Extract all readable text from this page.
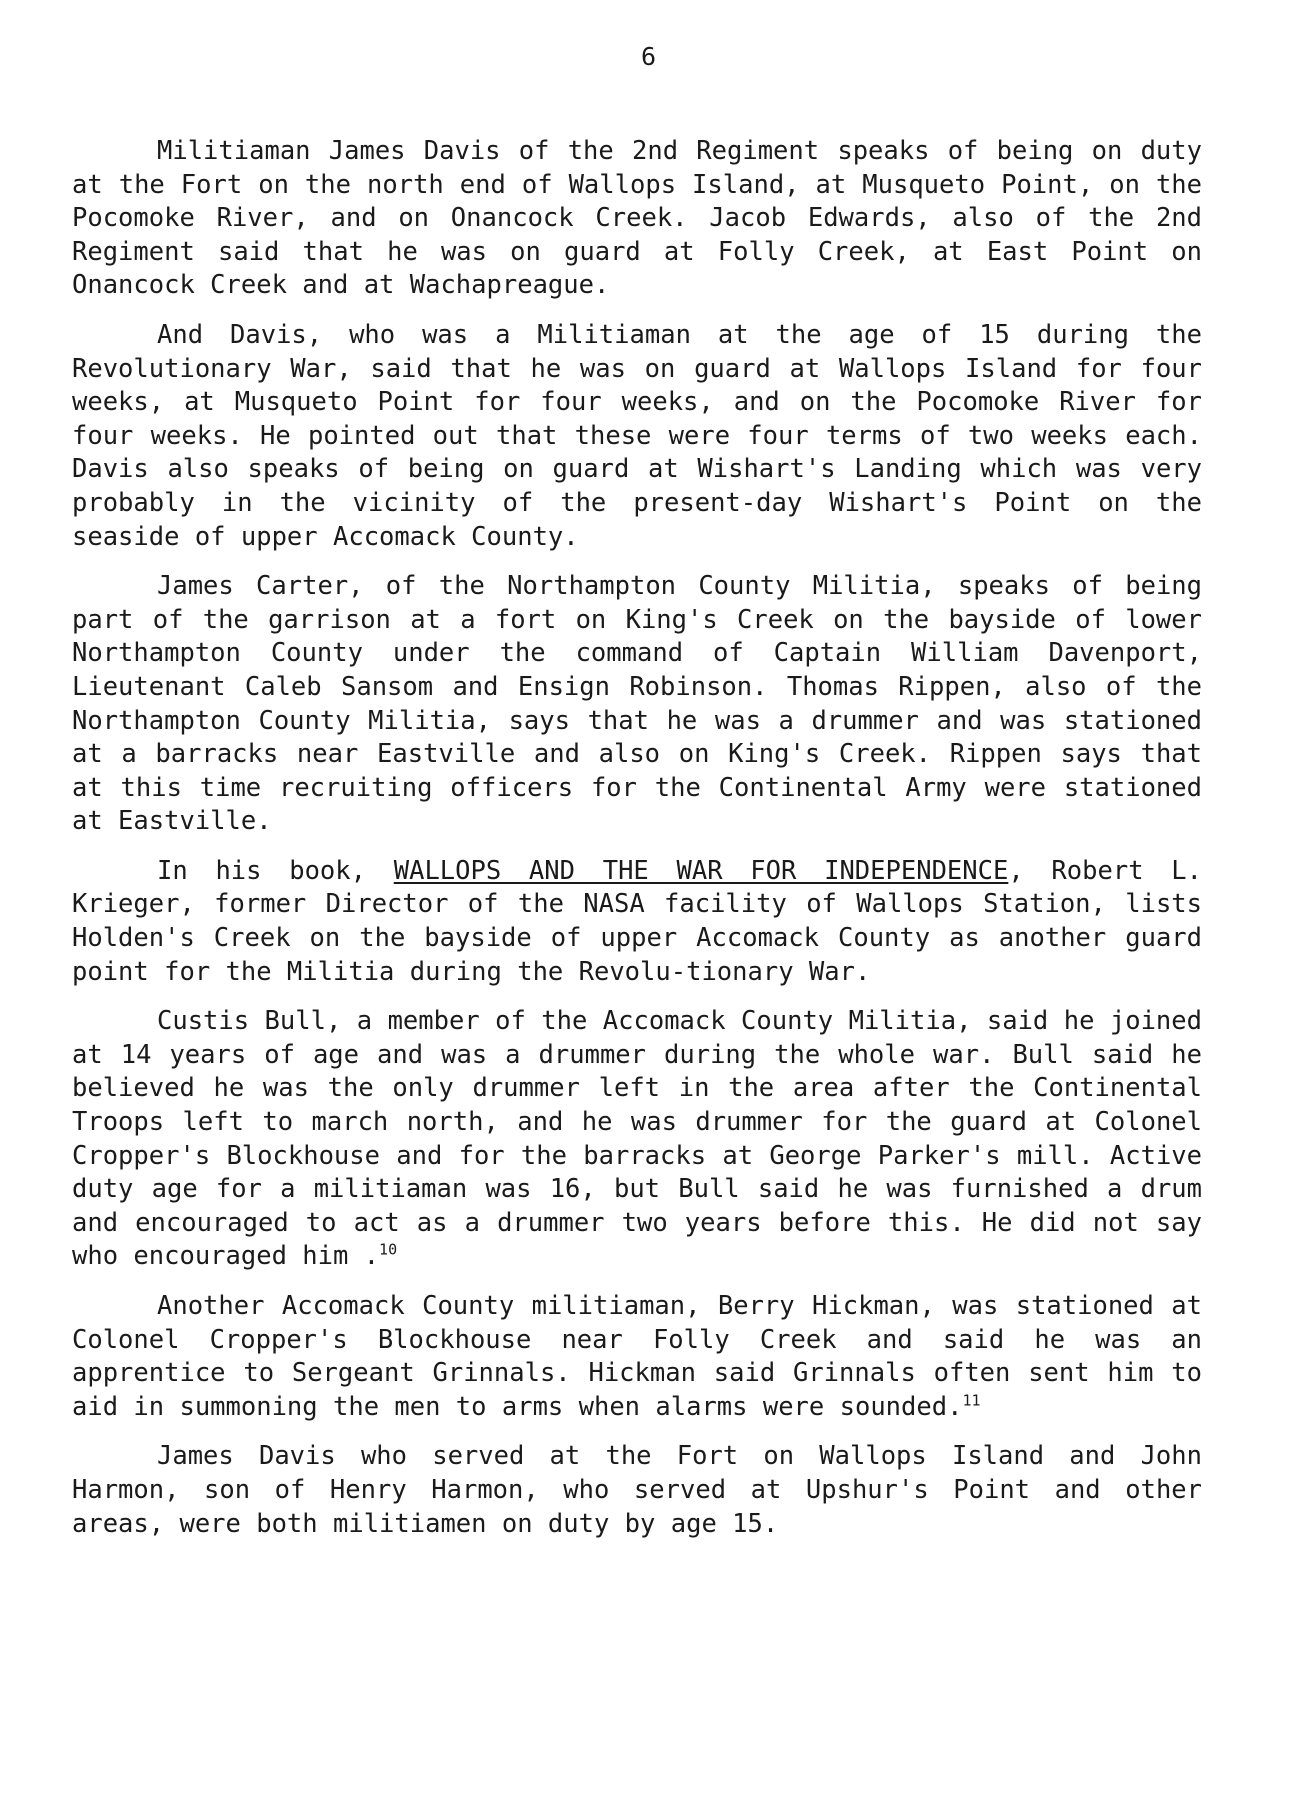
6

Militiaman James Davis of the 2nd Regiment speaks of being on duty at the Fort on the north end of Wallops Island, at Musqueto Point, on the Pocomoke River, and on Onancock Creek. Jacob Edwards, also of the 2nd Regiment said that he was on guard at Folly Creek, at East Point on Onancock Creek and at Wachapreague.

And Davis, who was a Militiaman at the age of 15 during the Revolutionary War, said that he was on guard at Wallops Island for four weeks, at Musqueto Point for four weeks, and on the Pocomoke River for four weeks. He pointed out that these were four terms of two weeks each. Davis also speaks of being on guard at Wishart's Landing which was very probably in the vicinity of the present-day Wishart's Point on the seaside of upper Accomack County.

James Carter, of the Northampton County Militia, speaks of being part of the garrison at a fort on King's Creek on the bayside of lower Northampton County under the command of Captain William Davenport, Lieutenant Caleb Sansom and Ensign Robinson. Thomas Rippen, also of the Northampton County Militia, says that he was a drummer and was stationed at a barracks near Eastville and also on King's Creek. Rippen says that at this time recruiting officers for the Continental Army were stationed at Eastville.

In his book, WALLOPS AND THE WAR FOR INDEPENDENCE, Robert L. Krieger, former Director of the NASA facility of Wallops Station, lists Holden's Creek on the bayside of upper Accomack County as another guard point for the Militia during the Revolu-tionary War.

Custis Bull, a member of the Accomack County Militia, said he joined at 14 years of age and was a drummer during the whole war. Bull said he believed he was the only drummer left in the area after the Continental Troops left to march north, and he was drummer for the guard at Colonel Cropper's Blockhouse and for the barracks at George Parker's mill. Active duty age for a militiaman was 16, but Bull said he was furnished a drum and encouraged to act as a drummer two years before this. He did not say who encouraged him .$^{10}$

Another Accomack County militiaman, Berry Hickman, was stationed at Colonel Cropper's Blockhouse near Folly Creek and said he was an apprentice to Sergeant Grinnals. Hickman said Grinnals often sent him to aid in summoning the men to arms when alarms were sounded.$^{11}$

James Davis who served at the Fort on Wallops Island and John Harmon, son of Henry Harmon, who served at Upshur's Point and other areas, were both militiamen on duty by age 15.
